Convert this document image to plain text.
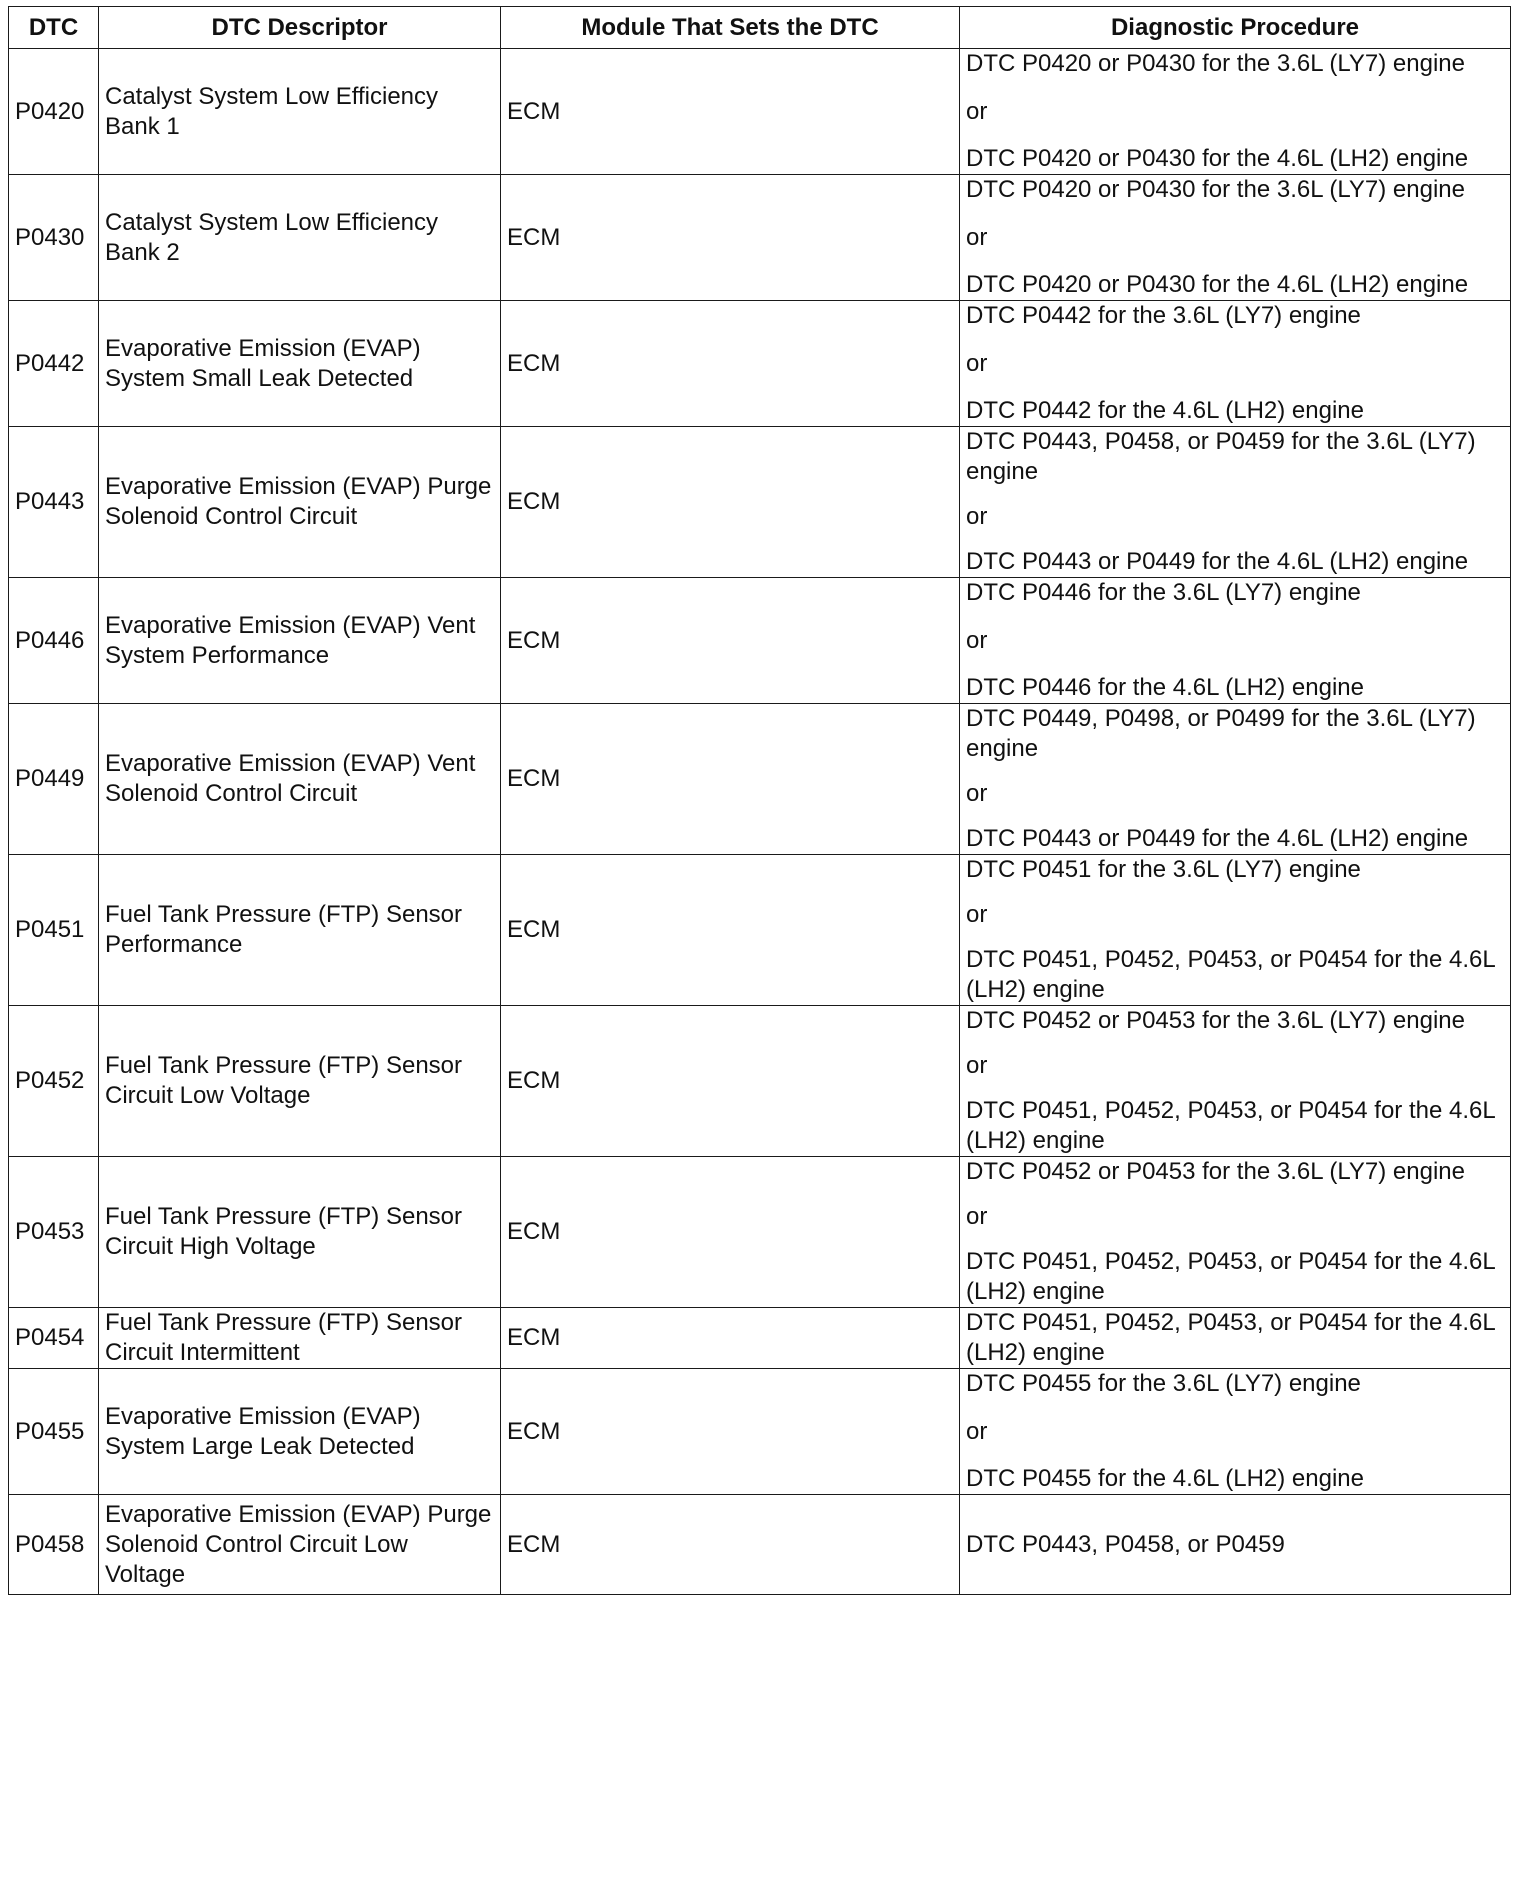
DTC	DTC Descriptor	Module That Sets the DTC	Diagnostic Procedure
P0420	Catalyst System Low Efficiency Bank 1	ECM	DTC P0420 or P0430 for the 3.6L (LY7) engine
or
DTC P0420 or P0430 for the 4.6L (LH2) engine

P0430	Catalyst System Low Efficiency Bank 2	ECM	DTC P0420 or P0430 for the 3.6L (LY7) engine
or
DTC P0420 or P0430 for the 4.6L (LH2) engine

P0442	Evaporative Emission (EVAP) System Small Leak Detected	ECM	DTC P0442 for the 3.6L (LY7) engine
or
DTC P0442 for the 4.6L (LH2) engine

P0443	Evaporative Emission (EVAP) Purge Solenoid Control Circuit	ECM	DTC P0443, P0458, or P0459 for the 3.6L (LY7) engine
or
DTC P0443 or P0449 for the 4.6L (LH2) engine

P0446	Evaporative Emission (EVAP) Vent System Performance	ECM	DTC P0446 for the 3.6L (LY7) engine
or
DTC P0446 for the 4.6L (LH2) engine

P0449	Evaporative Emission (EVAP) Vent Solenoid Control Circuit	ECM	DTC P0449, P0498, or P0499 for the 3.6L (LY7) engine
or
DTC P0443 or P0449 for the 4.6L (LH2) engine

P0451	Fuel Tank Pressure (FTP) Sensor Performance	ECM	DTC P0451 for the 3.6L (LY7) engine
or
DTC P0451, P0452, P0453, or P0454 for the 4.6L (LH2) engine

P0452	Fuel Tank Pressure (FTP) Sensor Circuit Low Voltage	ECM	DTC P0452 or P0453 for the 3.6L (LY7) engine
or
DTC P0451, P0452, P0453, or P0454 for the 4.6L (LH2) engine

P0453	Fuel Tank Pressure (FTP) Sensor Circuit High Voltage	ECM	DTC P0452 or P0453 for the 3.6L (LY7) engine
or
DTC P0451, P0452, P0453, or P0454 for the 4.6L (LH2) engine

P0454	Fuel Tank Pressure (FTP) Sensor Circuit Intermittent	ECM	DTC P0451, P0452, P0453, or P0454 for the 4.6L (LH2) engine

P0455	Evaporative Emission (EVAP) System Large Leak Detected	ECM	DTC P0455 for the 3.6L (LY7) engine
or
DTC P0455 for the 4.6L (LH2) engine

P0458	Evaporative Emission (EVAP) Purge Solenoid Control Circuit Low Voltage	ECM	DTC P0443, P0458, or P0459
